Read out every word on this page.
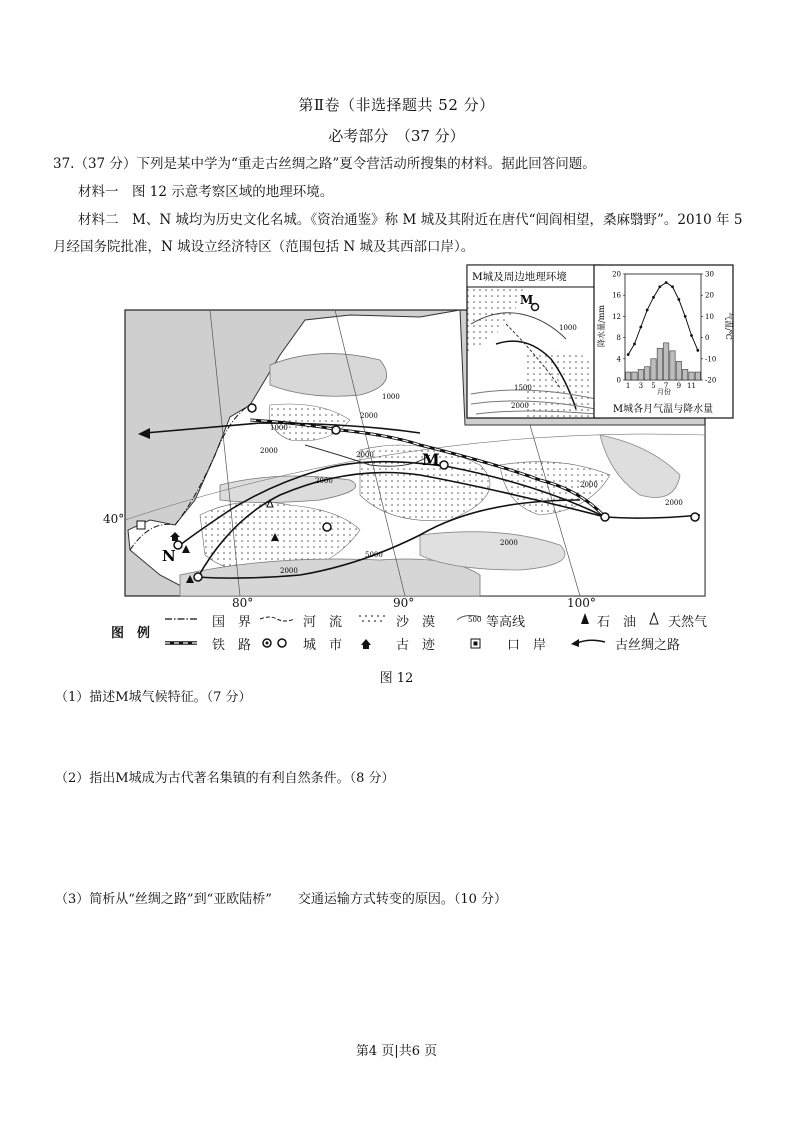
第Ⅱ卷（非选择题共 52 分）
必考部分　（37 分）
37.（37 分）下列是某中学为“重走古丝绸之路”夏令营活动所搜集的材料。据此回答问题。
材料一　图 12 示意考察区域的地理环境。
材料二　M、N 城均为历史文化名城。《资治通鉴》称 M 城及其附近在唐代“闾阎相望，桑麻翳野”。2010 年 5
月经国务院批准，N 城设立经济特区（范围包括 N 城及其西部口岸）。
M
N
1000
2000
2000	2000
1000
2000	2000
2000
5000
2000
2000
40°
80°	90°	100°
M城及周边地理环境
M
1000
1500
2000
0
4
8
12
16
20
-20
-10
0
10
20
30
1 3 5 7 9 11
M城各月气温与降水量
月份
降水量/mm	气温/℃
500
图　例
国　界	河　流	沙　漠	等高线	石　油 天然气
铁　路	城　市	古　迹	口　岸	古丝绸之路
图 12
（1）描述M城气候特征。（7 分）
（2）指出M城成为古代著名集镇的有利自然条件。（8 分）
（3）简析从“丝绸之路”到“亚欧陆桥”　　交通运输方式转变的原因。（10 分）
第4 页|共6 页
